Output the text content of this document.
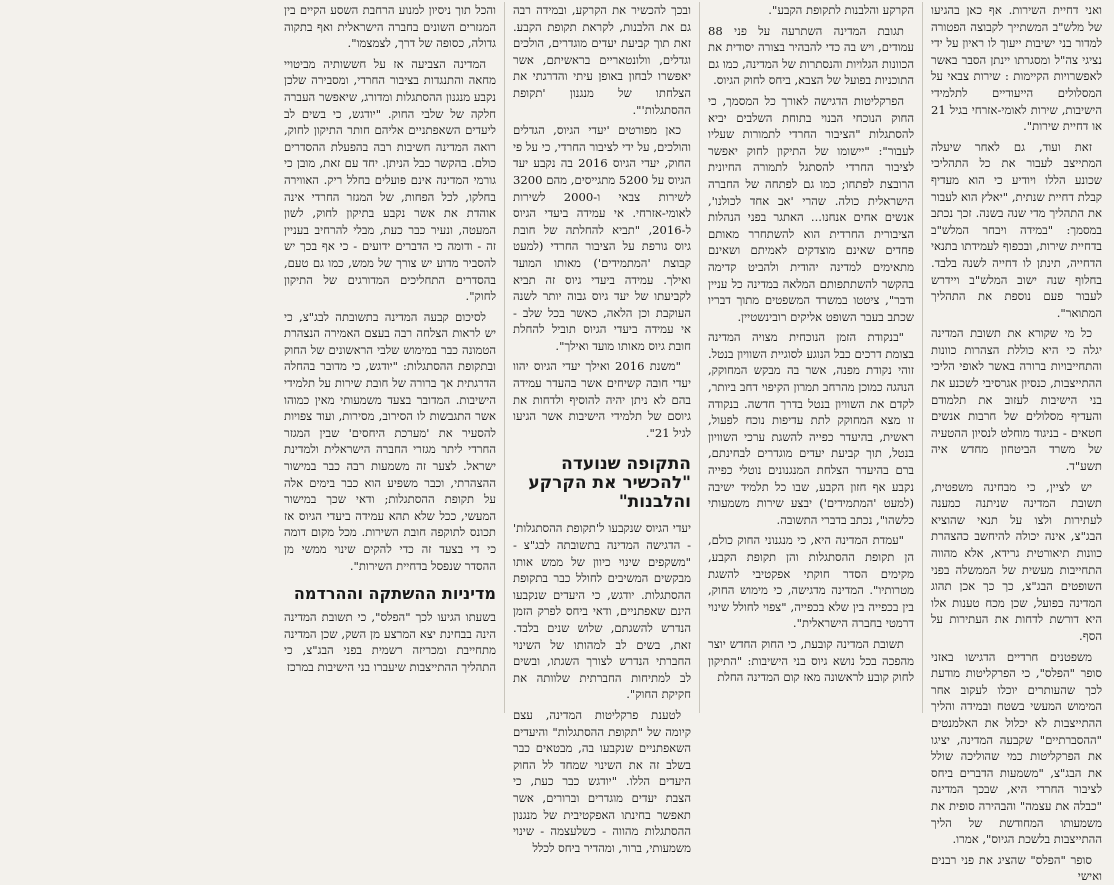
ואני דחיית השירות. אף כאן בהגיעו של מלש"ב המשתייך לקבוצה הפטורה למדור בני ישיבות ייעוך לו ראיון על ידי נציגי צה"ל ומסגרתו יינתן הסבר באשר לאפשרויות הקיימות : שירות צבאי על המסלולים הייעודיים לתלמידי הישיבות, שירות לאומי-אזרחי בגיל 21 או דחיית שירות".

זאת ועוד, גם לאחר שיעלה המתייצב לעבור את כל התהליכי שכונע הללו ויודיע כי הוא מעדיף קבלת דחיית שנתית, "יאלץ הוא לעבור את התהליך מדי שנה בשנה. זכך נכתב במסמך: "במידה ויבחר המלש"ב בדחיית שירות, ובכפוף לעמידתו בתנאי הדחייה, תינתן לו דחייה לשנה בלבד. בחלוף שנה ישוב המלש"ב ויידרש לעבור פעם נוספת את התהליך המתואר".

כל מי שקורא את תשובת המדינה יגלה כי היא כוללת הצהרות כוונות והתחייבויות ברורה באשר לאופי הליכי ההתייצבות, כנסיון אגרסיבי לשכנע את בני הישיבות לעזוב את תלמודם והעדיף מסלולים של חרבות אנשים חטאים - בניגוד מוחלט לנסיון ההטעיה של משרד הביטחון מחדש איה תשע"ד.

יש לציין, כי מבחינה משפטית, תשובת המדינה שניתנה כמענה לעתירות ולצו על תנאי שהוציא הבג"צ, אינה יכולה להיחשב כהצהרת כוונות תיאורטית גרידא, אלא מהווה התחייבות מעשית של הממשלה בפני השופטים הבג"צ, כך כך אכן תהוג המדינה בפועל, שכן מכח טענות אלו היא דורשת לדחות את העתירות על הסף.

משפטנים חרדיים הדגישו באזני סופר "הפלס", כי הפרקליטות מודעת לכך שהעותרים יוכלו לעקוב אחר המימוש המעשי בשטח ובמידה והליך ההתייצבות לא יכלול את האלמנטים "ההסברתיים" שקבעה המדינה, יציגו את הפרקליטות כמי שהוליכה שולל את הבג"צ, "משמעות הדברים ביחס לציבור החרדי היא, שבכך המדינה "כבלה את עצמה" והבהירה סופית את משמעותו המחודשת של הליך ההתייצבות בלשכת הגיוס", אמרו.

סופר "הפלס" שהציג את פני רבנים ואישי

הקרקע והלבנות לתקופת הקבע".

תגובת המדינה השתרעה על פני 88 עמודים, ויש בה כדי להבהיר בצורה יסודית את הכוונות הגלויות והנסתרות של המדינה, כמו גם התוכניות בפועל של הצבא, ביחס לחוק הגיוס.

הפרקליטות הדגישה לאורך כל המסמך, כי החוק הנוכחי הבנוי בתוחת השלבים יביא להסתגלות "הציבור החרדי לתמורות שעליו לעבור": "יישומו של התיקון לחוק יאפשר לציבור החרדי להסתגל לתמורה החיונית הרובצת לפתחו; כמו גם לפתחה של החברה הישראלית כולה. שהרי 'אב אחד לכולנו', אנשים אחים אנחנו... האתגר בפני הנהלות הציבורית החרדית הוא להשתחרר מאותם פחדים שאינם מוצדקים לאמיתם ושאינם מתאימים למדינה יהודית ולהביט קדימה בהקשר להשתתפותם המלאה במדינה כל עניין ודבר", ציטטו במשרד המשפטים מתוך דבריו שכתב בעבר השופט אליקים רובינשטיין.

"בנקודת הזמן הנוכחית מצויה המדינה בצומת דרכים כבל הנוגע לסוגיית השוויון בנטל. זוהי נקודת מפנה, אשר בה מבקש המחוקק, הנהגה כמוכן מהרחב תמרון הקיפוי דחב ביותר, לקדם את השוויון בנטל בדרך חדשה. בנקודה זו מצא המחוקק לתת עדיפות נוכח לפעול, ראשית, בהיעדר כפייה להשגת ערכי השוויון בנטל, תוך קביעת יעדים מוגדרים לבחינתם, ברם בהיעדר הצלחת המנגנונים נוטלי כפייה נקבע אף חזון הקבע, שבו כל תלמיד ישיבה (למעט 'המתמידים') יבצע שירות משמעותי כלשהו", נכתב בדברי התשובה.

"עמדת המדינה היא, כי מנגנוני החוק כולם, הן תקופת ההסתגלות והן תקופת הקבע, מקימים הסדר חוקתי אפקטיבי להשגת מטרותיו". המדינה מדגישה, כי מימוש החוק, בין בכפייה בין שלא בכפייה, "צפוי לחולל שינוי דרמטי בחברה הישראלית".

תשובת המדינה קובעת, כי החוק החדש יוצר מהפכה בכל נושא גיוס בני הישיבות: "התיקון לחוק קובע לראשונה מאז קום המדינה החלת

ובכך להכשיר את הקרקע, ובמידה רבה גם את הלבנות, לקראת תקופת הקבע. זאת תוך קביעת יעדים מוגדרים, הולכים וגדלים, וולונטאריים בראשיתם, אשר יאפשרו לבחון באופן עיתי והדרגתי את הצלחתו של מנגנון 'תקופת ההסתגלות'".

כאן מפורטים 'יעדי הגיוס, הגדלים והולכים, על ידי לציבור החרדי, כי על פי החוק, יעדי הגיוס 2016 בה נקבע יעד הגיוס על 5200 מתגייסים, מהם 3200 לשירות צבאי ו-2000 לשירות לאומי-אזרחי. אי עמידה ביעדי הגיוס ל-2016, "תביא להחלתה של חובת גיוס גורפת על הציבור החרדי (למעט קבוצת 'המתמידים') מאותו המועד ואילך. עמידה ביעדי גיוס זה תביא לקביעתו של יעד גיוס גבוה יותר לשנה העוקבת וכן הלאה, כאשר בכל שלב - אי עמידה ביעדי הגיוס תוביל להחלת חובת גיוס מאותו מועד ואילך".

"משנת 2016 ואילך יעדי הגיוס יהוו יעדי חובה קשיחים אשר בהעדר עמידה בהם לא ניתן יהיה להוסיף ולדחות את גיוסם של תלמידי הישיבות אשר הגיעו לגיל 21".

התקופה שנועדה "להכשיר את הקרקע והלבנות"

יעדי הגיוס שנקבעו ל'תקופת ההסתגלות' - הדגישה המדינה בתשובתה לבג"צ - "משקפים שינוי כיוון של ממש אותו מבקשים המשיבים לחולל כבר בתקופת ההסתגלות. יודגש, כי היעדים שנקבעו הינם שאפתניים, ודאי ביחס לפרק הזמן הנדרש להשגתם, שלוש שנים בלבד. זאת, בשים לב למהותו של השינוי החברתי הנדרש לצורך השגתו, ובשים לב למתיחות החברתית שלוותה את חקיקת החוק".

לטענת פרקליטות המדינה, עצם קיומה של "תקופת ההסתגלות" והיעדים השאפתניים שנקבעו בה, מבטאים כבר בשלב זה את השינוי שמחד לל החוק היעדים הללו. "יודגש כבר כעת, כי הצבת יעדים מוגדרים וברורים, אשר תאפשר בחינתו האפקטיבית של מנגנון ההסתגלות מהווה - כשלעצמה - שינוי משמעותי, ברור, ומהדיר ביחס לכלל

והכל תוך ניסיון למנוע הרחבת השסע הקיים בין המגזרים השונים בחברה הישראלית ואף בתקוה גדולה, כסופה של דרך, לצמצמו".

המדינה הצביעה אז על חששותיה מביטויי מחאה והתנגדות בציבור החרדי, ומסבירה שלכן נקבע מנגנון ההסתגלות ומדורג, שיאפשר העברה חלקה של שלבי החוק. "יודגש, כי בשים לב ליעדים השאפתניים אליהם חותר התיקון לחוק, רואה המדינה חשיבות רבה בהפעלת ההסדרים כולם. בהקשר כבל הניתן. יחד עם זאת, מובן כי גורמי המדינה אינם פועלים בחלל ריק. האווירה בחלקו, לכל הפחות, של המגזר החרדי אינה אוהדת את אשר נקבע בתיקון לחוק, לשון המעטה, ונעיר כבר כעת, מבלי להרחיב בעניין זה - ודומה כי הדברים ידועים - כי אף בכך יש להסביר מדוע יש צורך של ממש, כמו גם טעם, בהסדרים התחליכים המדורגים של התיקון לחוק".

לסיכום קבעה המדינה בתשובתה לבג"צ, כי יש לראות הצלחה רבה בעצם האמירה הנצהרת הטמונה כבר במימוש שלבי הראשונים של החוק ובתקופת ההסתגלות: "יודגש, כי מדובר בהחלה הדרגתית אך ברורה של חובת שירות על תלמידי הישיבות. המדובר בצעד משמעותי מאין כמוהו אשר התגבשות לו הסירוב, מסירות, ועוד צפויות להסעיר את 'מערכת היחסים' שבין המגזר החרדי ליתר מגזרי החברה הישראלית ולמדינת ישראל. לצער זה משמעות רבה כבר במישור ההצהרתי, וכבר משפיע הוא כבר בימים אלה על תקופת ההסתגלות; ודאי שכך במישור המעשי, ככל שלא תהא עמידה ביעדי הגיוס אז תכונס לתוקפה חובת השירות. מכל מקום דומה כי די בצעד זה כדי להקים שינוי ממשי מן ההסדר שנפסל בדחיית השירות".

מדיניות ההשתקה וההרדמה

בשעתו הגיעו לכך "הפלס", כי תשובת המדינה הינה בבחינת יצא המרצע מן השק, שכן המדינה מתחייבת ומכריזה רשמית בפני הבג"צ, כי התהליך ההתייצבות שיעברו בני הישיבות במרכז
